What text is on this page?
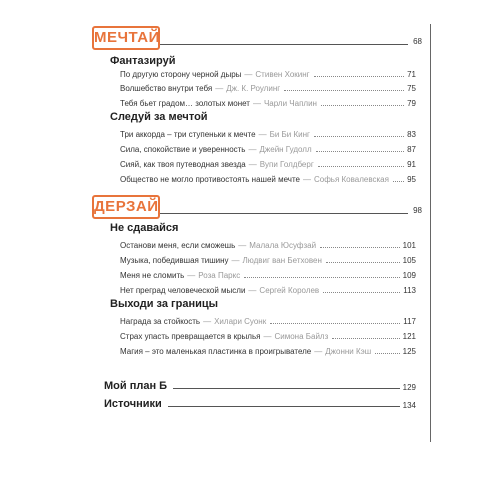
МЕЧТАЙ	68
Фантазируй
По другую сторону черной дыры — Стивен Хокинг	71
Волшебство внутри тебя — Дж. К. Роулинг	75
Тебя бьет градом… золотых монет — Чарли Чаплин	79
Следуй за мечтой
Три аккорда – три ступеньки к мечте — Би Би Кинг	83
Сила, спокойствие и уверенность — Джейн Гудолл	87
Сияй, как твоя путеводная звезда — Вупи Голдберг	91
Общество не могло противостоять нашей мечте — Софья Ковалевская 95
ДЕРЗАЙ	98
Не сдавайся
Останови меня, если сможешь — Малала Юсуфзай	101
Музыка, победившая тишину — Людвиг ван Бетховен	105
Меня не сломить — Роза Паркс	109
Нет преград человеческой мысли — Сергей Королев	113
Выходи за границы
Награда за стойкость — Хилари Суонк	117
Страх упасть превращается в крылья — Симона Байлз	121
Магия – это маленькая пластинка в проигрывателе — Джонни Кэш	125
Мой план Б	129
Источники	134
